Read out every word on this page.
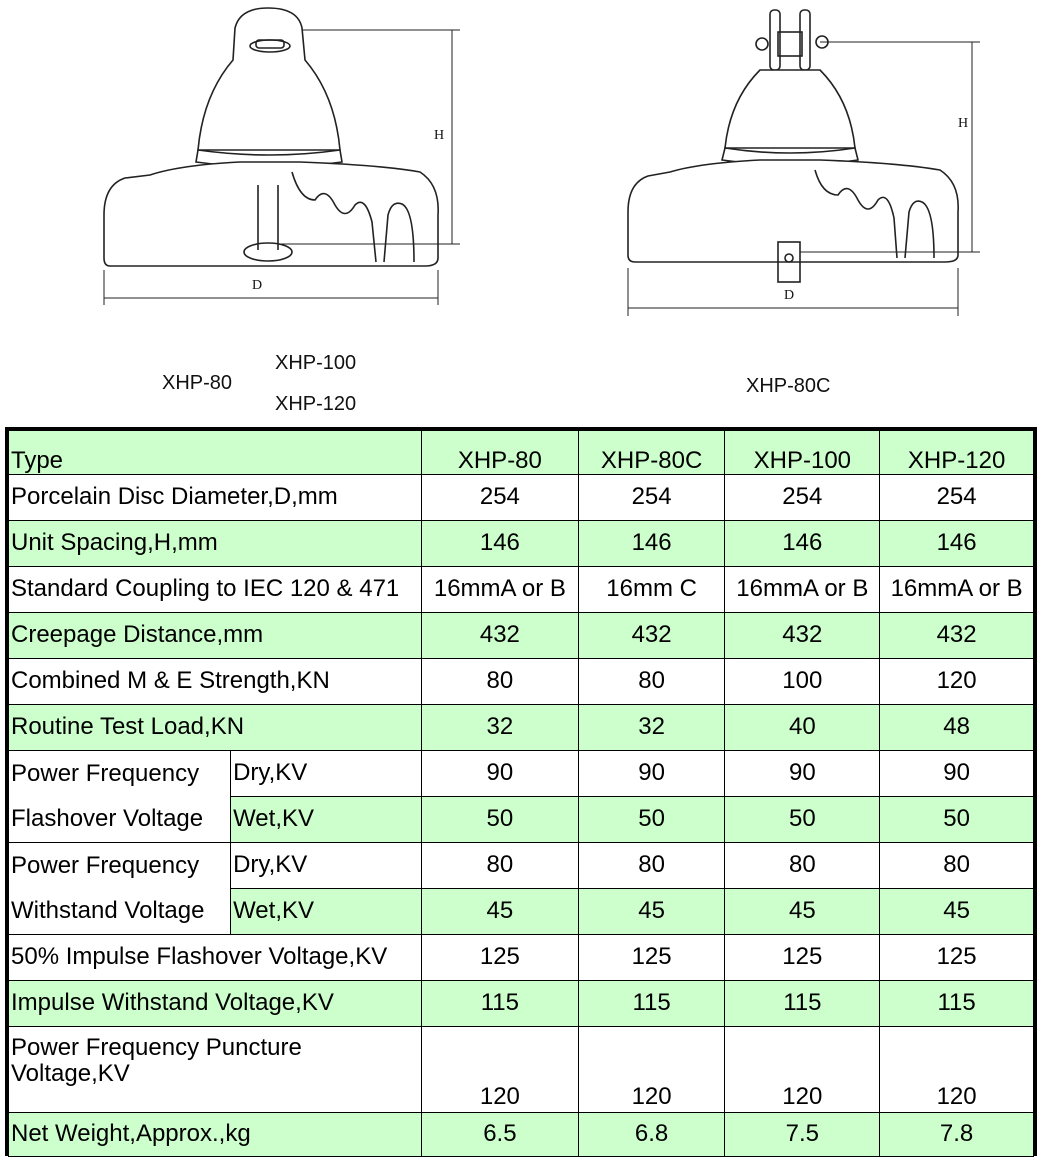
H
D
H
D
XHP-80
XHP-100
XHP-120
XHP-80C
Type		XHP-80	XHP-80C	XHP-100	XHP-120
Porcelain Disc Diameter,D,mm		254	254	254	254
Unit Spacing,H,mm		146	146	146	146
Standard Coupling to IEC 120 & 471		16mmA or B	16mm C	16mmA or B	16mmA or B
Creepage Distance,mm		432	432	432	432
Combined M & E Strength,KN		80	80	100	120
Routine Test Load,KN		32	32	40	48
Power Frequency	Dry,KV	90	90	90	90
Flashover Voltage	Wet,KV	50	50	50	50
Power Frequency	Dry,KV	80	80	80	80
Withstand Voltage	Wet,KV	45	45	45	45
50% Impulse Flashover Voltage,KV		125	125	125	125
Impulse Withstand Voltage,KV		115	115	115	115
Power Frequency Puncture Voltage,KV		120	120	120	120
Net Weight,Approx.,kg		6.5	6.8	7.5	7.8
